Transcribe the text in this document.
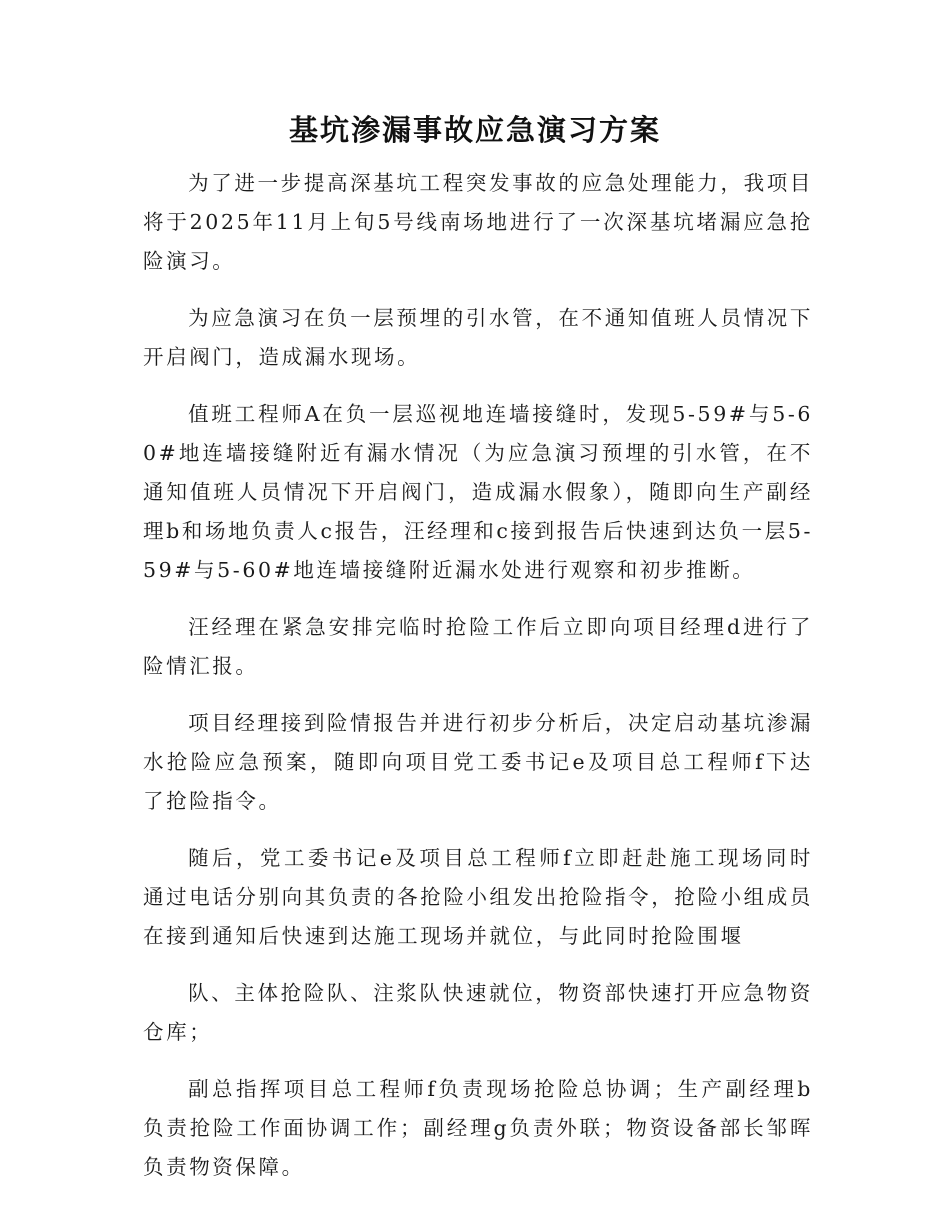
基坑渗漏事故应急演习方案

为了进一步提高深基坑工程突发事故的应急处理能力，我项目将于2025年11月上旬5号线南场地进行了一次深基坑堵漏应急抢险演习。

为应急演习在负一层预埋的引水管，在不通知值班人员情况下开启阀门，造成漏水现场。

值班工程师A在负一层巡视地连墙接缝时，发现5-59#与5-60#地连墙接缝附近有漏水情况（为应急演习预埋的引水管，在不通知值班人员情况下开启阀门，造成漏水假象），随即向生产副经理b和场地负责人c报告，汪经理和c接到报告后快速到达负一层5-59#与5-60#地连墙接缝附近漏水处进行观察和初步推断。

汪经理在紧急安排完临时抢险工作后立即向项目经理d进行了险情汇报。

项目经理接到险情报告并进行初步分析后，决定启动基坑渗漏水抢险应急预案，随即向项目党工委书记e及项目总工程师f下达了抢险指令。

随后，党工委书记e及项目总工程师f立即赶赴施工现场同时通过电话分别向其负责的各抢险小组发出抢险指令，抢险小组成员在接到通知后快速到达施工现场并就位，与此同时抢险围堰

队、主体抢险队、注浆队快速就位，物资部快速打开应急物资仓库；

副总指挥项目总工程师f负责现场抢险总协调；生产副经理b负责抢险工作面协调工作；副经理g负责外联；物资设备部长邹晖负责物资保障。
